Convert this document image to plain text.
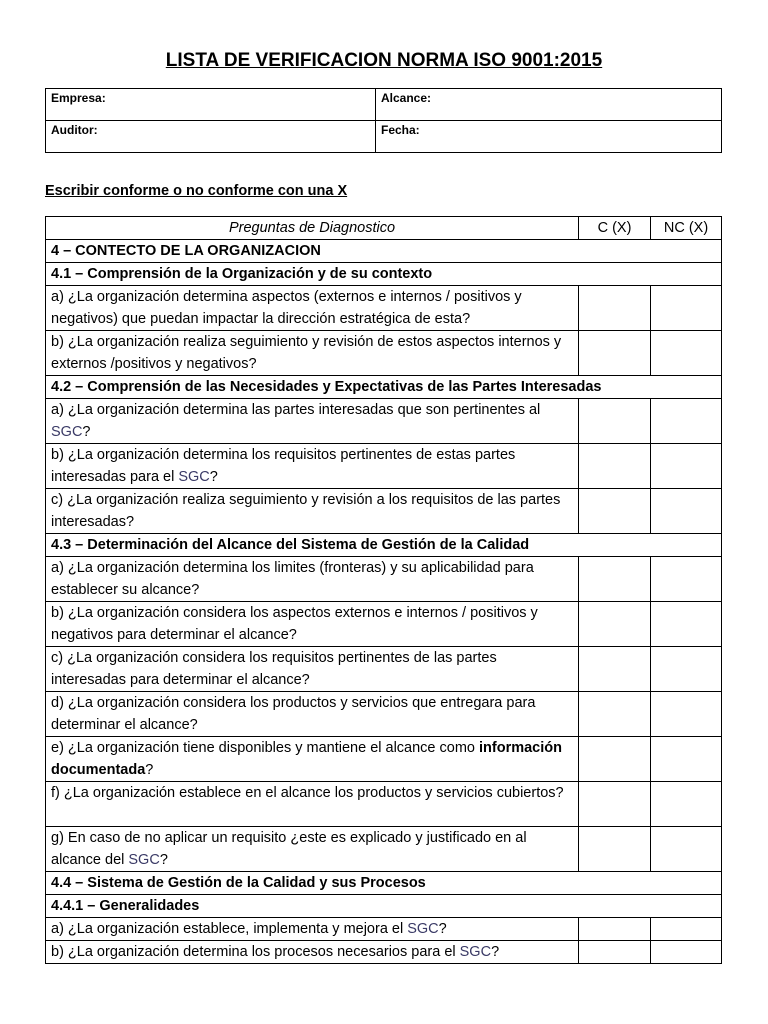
LISTA DE VERIFICACION NORMA ISO 9001:2015
Empresa:	Alcance:
Auditor:	Fecha:
Escribir conforme o no conforme con una X
Preguntas de Diagnostico	C (X)	NC (X)
4 – CONTECTO DE LA ORGANIZACION		
4.1 – Comprensión de la Organización y de su contexto		
a) ¿La organización determina aspectos (externos e internos / positivos y negativos) que puedan impactar la dirección estratégica de esta?		
b) ¿La organización realiza seguimiento y revisión de estos aspectos internos y externos /positivos y negativos?		
4.2 – Comprensión de las Necesidades y Expectativas de las Partes Interesadas		
a) ¿La organización determina las partes interesadas que son pertinentes al SGC?		
b) ¿La organización determina los requisitos pertinentes de estas partes interesadas para el SGC?		
c) ¿La organización realiza seguimiento y revisión a los requisitos de las partes interesadas?		
4.3 – Determinación del Alcance del Sistema de Gestión de la Calidad		
a) ¿La organización determina los limites (fronteras) y su aplicabilidad para establecer su alcance?		
b) ¿La organización considera los aspectos externos e internos / positivos y negativos para determinar el alcance?		
c) ¿La organización considera los requisitos pertinentes de las partes interesadas para determinar el alcance?		
d) ¿La organización considera los productos y servicios que entregara para determinar el alcance?		
e) ¿La organización tiene disponibles y mantiene el alcance como información documentada?		
f) ¿La organización establece en el alcance los productos y servicios cubiertos?		
g) En caso de no aplicar un requisito ¿este es explicado y justificado en al alcance del SGC?		
4.4 – Sistema de Gestión de la Calidad y sus Procesos		
4.4.1 – Generalidades		
a) ¿La organización establece, implementa y mejora el SGC?		
b) ¿La organización determina los procesos necesarios para el SGC?		
